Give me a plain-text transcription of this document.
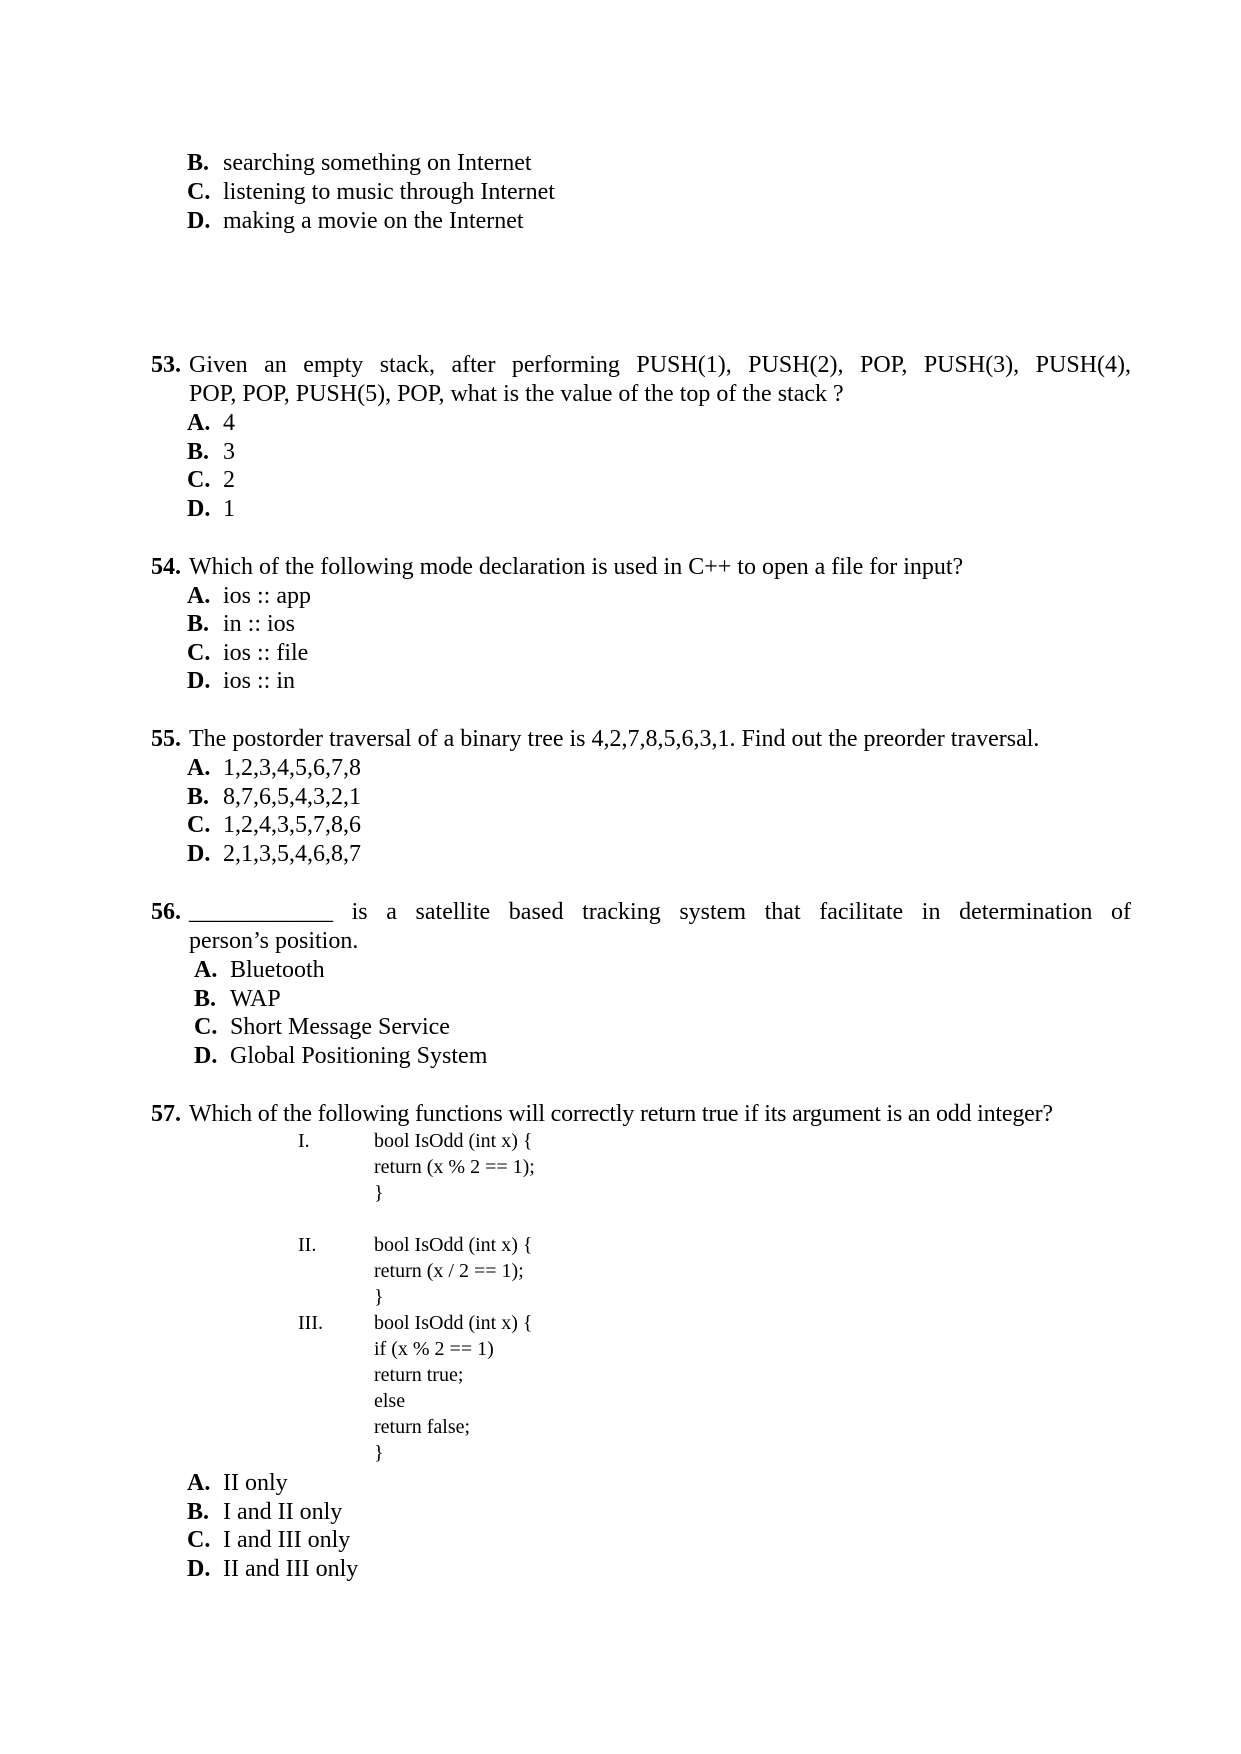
B. searching something on Internet
C. listening to music through Internet
D. making a movie on the Internet
53. Given an empty stack, after performing PUSH(1), PUSH(2), POP, PUSH(3), PUSH(4),
POP, POP, PUSH(5), POP, what is the value of the top of the stack ?
A. 4
B. 3
C. 2
D. 1
54. Which of the following mode declaration is used in C++ to open a file for input?
A. ios :: app
B. in :: ios
C. ios :: file
D. ios :: in
55. The postorder traversal of a binary tree is 4,2,7,8,5,6,3,1. Find out the preorder traversal.
A. 1,2,3,4,5,6,7,8
B. 8,7,6,5,4,3,2,1
C. 1,2,4,3,5,7,8,6
D. 2,1,3,5,4,6,8,7
56. ____________ is a satellite based tracking system that facilitate in determination of
person’s position.
A. Bluetooth
B. WAP
C. Short Message Service
D. Global Positioning System
57. Which of the following functions will correctly return true if its argument is an odd integer?
I.	bool IsOdd (int x) {
return (x % 2 == 1);
}
II.	bool IsOdd (int x) {
return (x / 2 == 1);
}
III.	bool IsOdd (int x) {
if (x % 2 == 1)
return true;
else
return false;
}
A. II only
B. I and II only
C. I and III only
D. II and III only
